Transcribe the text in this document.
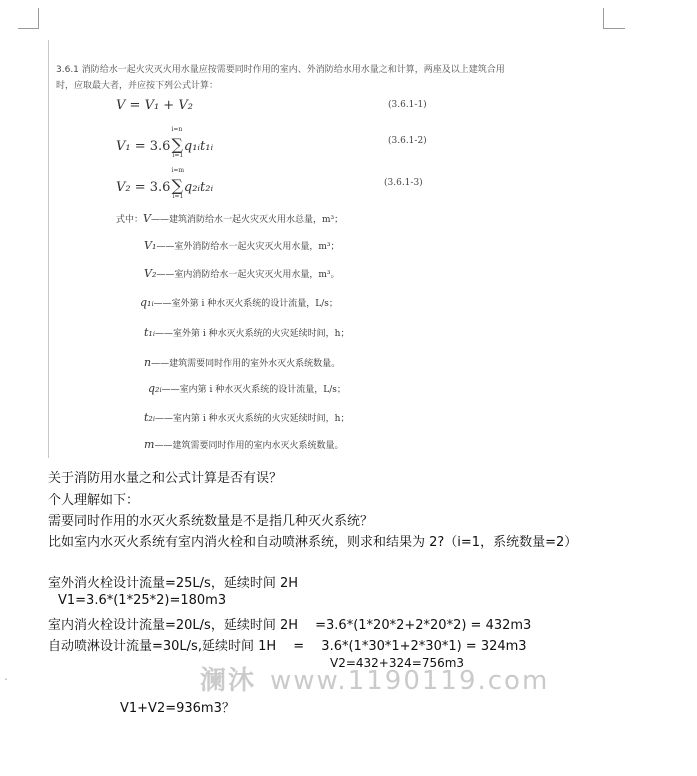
3.6.1 消防给水一起火灾灭火用水量应按需要同时作用的室内、外消防给水用水量之和计算，两座及以上建筑合用
时，应取最大者，并应按下列公式计算：
V = V₁ + V₂	(3.6.1-1)
V₁ = 3.6∑
i=n
i=1
q₁ᵢt₁ᵢ	(3.6.1-2)
V₂ = 3.6∑
i=m
i=1
q₂ᵢt₂ᵢ	(3.6.1-3)
式中：V——建筑消防给水一起火灾灭火用水总量，m³；
V₁——室外消防给水一起火灾灭火用水量，m³；
V₂——室内消防给水一起火灾灭火用水量，m³。
q₁ᵢ——室外第 i 种水灭火系统的设计流量，L/s；
t₁ᵢ——室外第 i 种水灭火系统的火灾延续时间，h；
n——建筑需要同时作用的室外水灭火系统数量。
q₂ᵢ——室内第 i 种水灭火系统的设计流量，L/s；
t₂ᵢ——室内第 i 种水灭火系统的火灾延续时间，h；
m——建筑需要同时作用的室内水灭火系统数量。
关于消防用水量之和公式计算是否有误？
个人理解如下：
需要同时作用的水灭火系统数量是不是指几种灭火系统？
比如室内水灭火系统有室内消火栓和自动喷淋系统，则求和结果为 2?（i=1，系统数量=2）
室外消火栓设计流量=25L/s，延续时间 2H
V1=3.6*(1*25*2)=180m3
室内消火栓设计流量=20L/s，延续时间 2H　 =3.6*(1*20*2+2*20*2) = 432m3
自动喷淋设计流量=30L/s,延续时间 1H　 =　 3.6*(1*30*1+2*30*1) = 324m3
V2=432+324=756m3
ˇ	澜沐 www.1190119.com
V1+V2=936m3？
